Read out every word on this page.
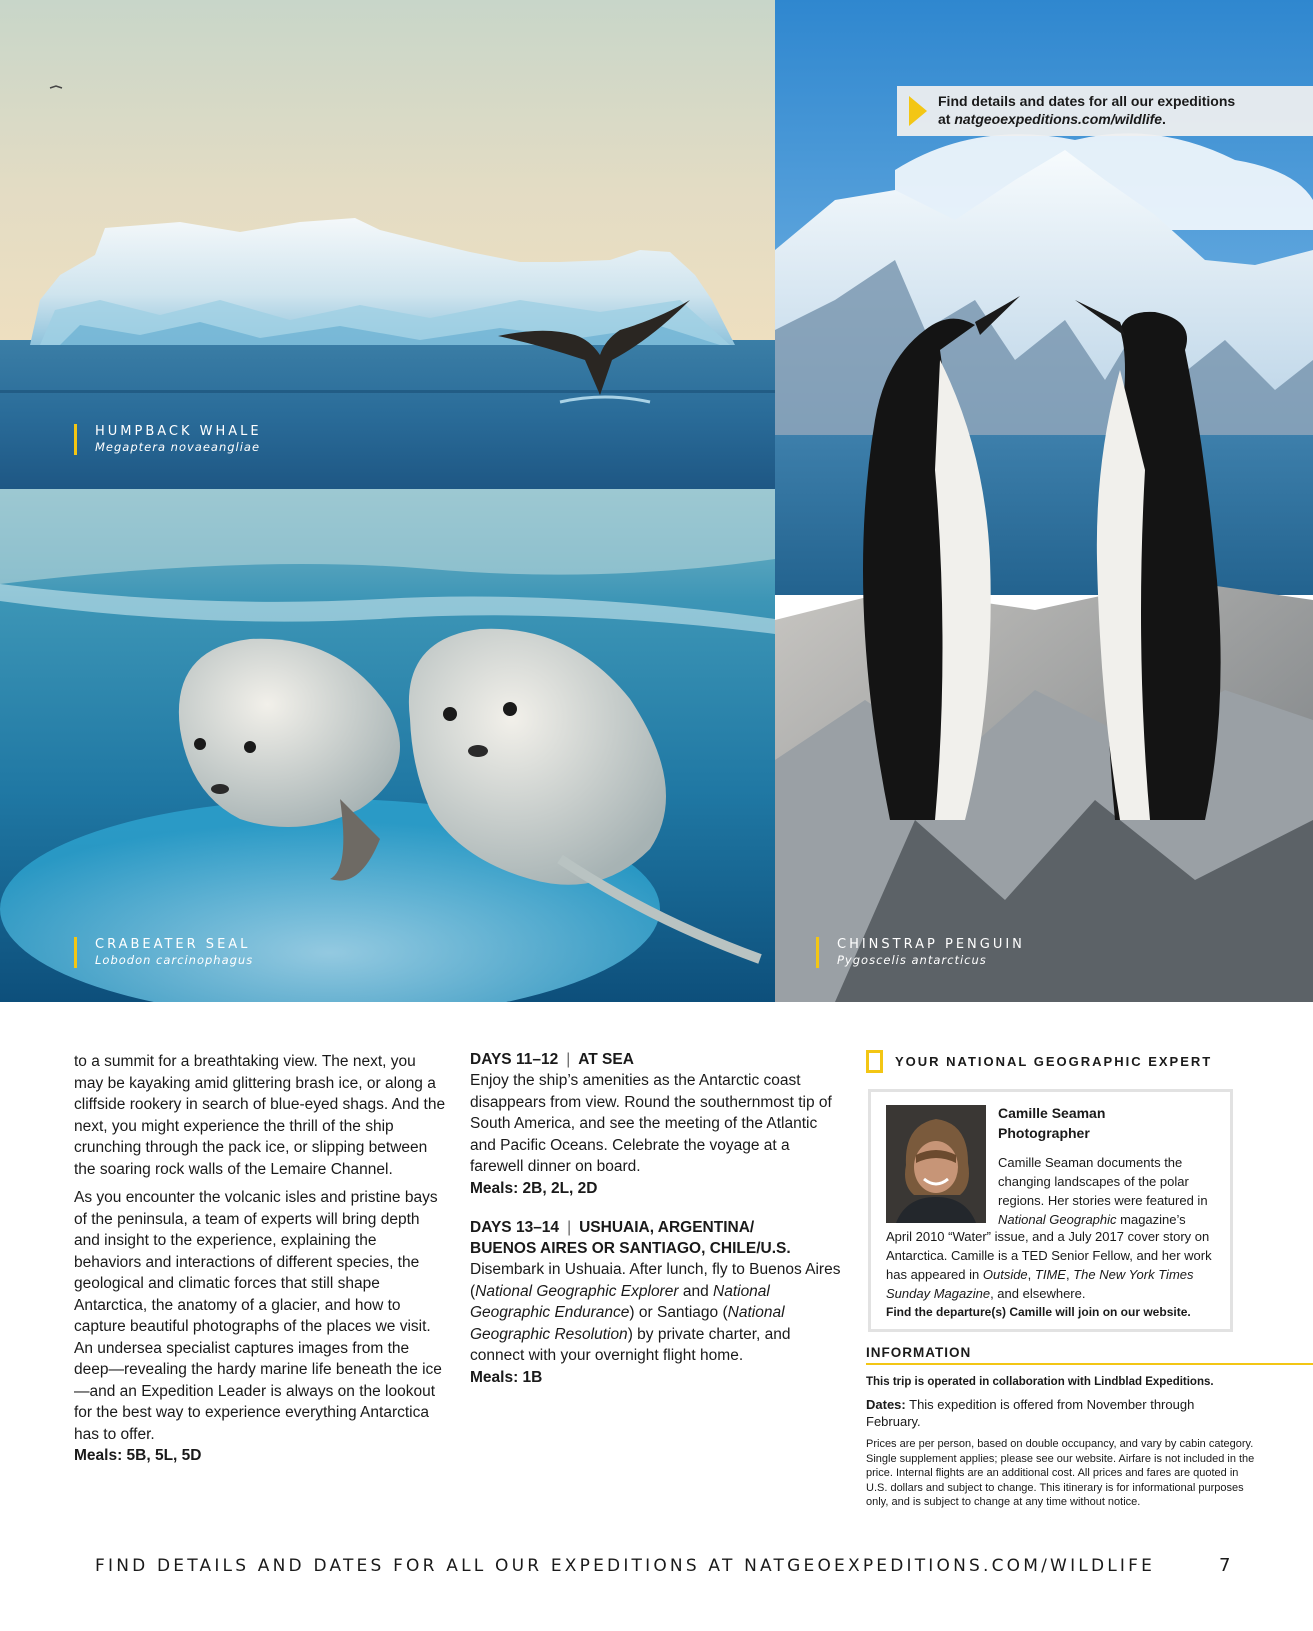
HUMPBACK WHALE
Megaptera novaeangliae
CRABEATER SEAL
Lobodon carcinophagus
CHINSTRAP PENGUIN
Pygoscelis antarcticus
Find details and dates for all our expeditions
at natgeoexpeditions.com/wildlife.

to a summit for a breathtaking view. The next, you may be kayaking amid glittering brash ice, or along a cliffside rookery in search of blue-eyed shags. And the next, you might experience the thrill of the ship crunching through the pack ice, or slipping between the soaring rock walls of the Lemaire Channel.

As you encounter the volcanic isles and pristine bays of the peninsula, a team of experts will bring depth and insight to the experience, explaining the behaviors and interactions of different species, the geological and climatic forces that still shape Antarctica, the anatomy of a glacier, and how to capture beautiful photographs of the places we visit. An undersea specialist captures images from the deep—revealing the hardy marine life beneath the ice—and an Expedition Leader is always on the lookout for the best way to experience everything Antarctica has to offer.

Meals: 5B, 5L, 5D
DAYS 11–12 | AT SEA

Enjoy the ship’s amenities as the Antarctic coast disappears from view. Round the southernmost tip of South America, and see the meeting of the Atlantic and Pacific Oceans. Celebrate the voyage at a farewell dinner on board.

Meals: 2B, 2L, 2D
DAYS 13–14 | USHUAIA, ARGENTINA/
BUENOS AIRES OR SANTIAGO, CHILE/U.S.

Disembark in Ushuaia. After lunch, fly to Buenos Aires (National Geographic Explorer and National Geographic Endurance) or Santiago (National Geographic Resolution) by private charter, and connect with your overnight flight home.

Meals: 1B
YOUR NATIONAL GEOGRAPHIC EXPERT
Camille Seaman
Photographer
Camille Seaman documents the changing landscapes of the polar regions. Her stories were featured in National Geographic magazine’s
April 2010 “Water” issue, and a July 2017 cover story on Antarctica. Camille is a TED Senior Fellow, and her work has appeared in Outside, TIME, The New York Times Sunday Magazine, and elsewhere.
Find the departure(s) Camille will join on our website.
INFORMATION
This trip is operated in collaboration with Lindblad Expeditions.
Dates: This expedition is offered from November through February.
Prices are per person, based on double occupancy, and vary by cabin category. Single supplement applies; please see our website. Airfare is not included in the price. Internal flights are an additional cost. All prices and fares are quoted in U.S. dollars and subject to change. This itinerary is for informational purposes only, and is subject to change at any time without notice.
FIND DETAILS AND DATES FOR ALL OUR EXPEDITIONS AT NATGEOEXPEDITIONS.COM/WILDLIFE	7
